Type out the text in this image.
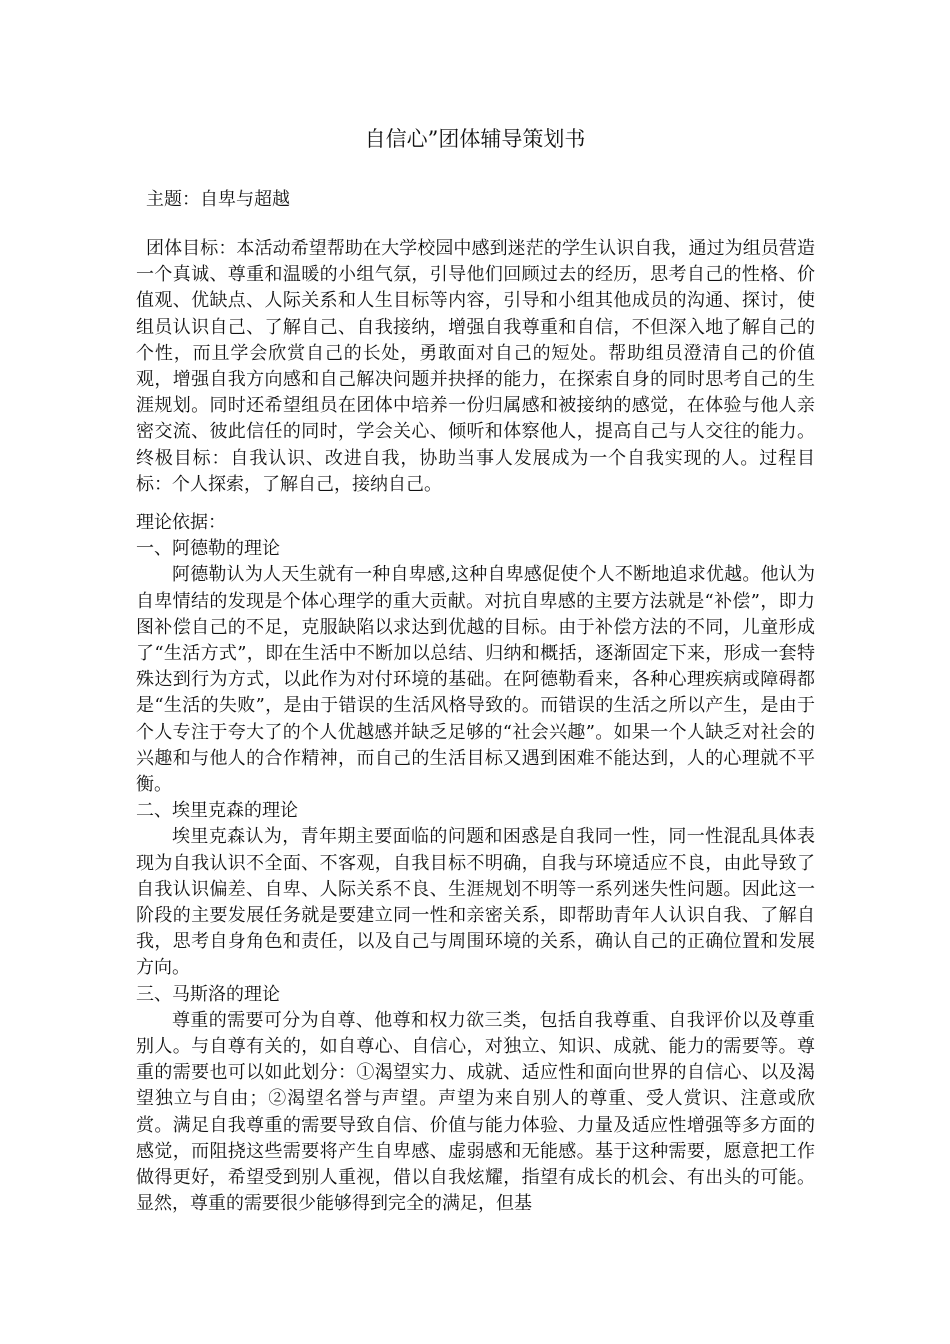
自信心”团体辅导策划书

主题：自卑与超越

团体目标：本活动希望帮助在大学校园中感到迷茫的学生认识自我，通过为组员营造一个真诚、尊重和温暖的小组气氛，引导他们回顾过去的经历，思考自己的性格、价值观、优缺点、人际关系和人生目标等内容，引导和小组其他成员的沟通、探讨，使组员认识自己、了解自己、自我接纳，增强自我尊重和自信，不但深入地了解自己的个性，而且学会欣赏自己的长处，勇敢面对自己的短处。帮助组员澄清自己的价值观，增强自我方向感和自己解决问题并抉择的能力，在探索自身的同时思考自己的生涯规划。同时还希望组员在团体中培养一份归属感和被接纳的感觉，在体验与他人亲密交流、彼此信任的同时，学会关心、倾听和体察他人，提高自己与人交往的能力。终极目标：自我认识、改进自我，协助当事人发展成为一个自我实现的人。过程目标：个人探索，了解自己，接纳自己。

理论依据：

一、阿德勒的理论

阿德勒认为人天生就有一种自卑感,这种自卑感促使个人不断地追求优越。他认为自卑情结的发现是个体心理学的重大贡献。对抗自卑感的主要方法就是“补偿”，即力图补偿自己的不足，克服缺陷以求达到优越的目标。由于补偿方法的不同，儿童形成了“生活方式”，即在生活中不断加以总结、归纳和概括，逐渐固定下来，形成一套特殊达到行为方式，以此作为对付环境的基础。在阿德勒看来，各种心理疾病或障碍都是“生活的失败”，是由于错误的生活风格导致的。而错误的生活之所以产生，是由于个人专注于夸大了的个人优越感并缺乏足够的“社会兴趣”。如果一个人缺乏对社会的兴趣和与他人的合作精神，而自己的生活目标又遇到困难不能达到，人的心理就不平衡。

二、埃里克森的理论

埃里克森认为，青年期主要面临的问题和困惑是自我同一性，同一性混乱具体表现为自我认识不全面、不客观，自我目标不明确，自我与环境适应不良，由此导致了自我认识偏差、自卑、人际关系不良、生涯规划不明等一系列迷失性问题。因此这一阶段的主要发展任务就是要建立同一性和亲密关系，即帮助青年人认识自我、了解自我，思考自身角色和责任，以及自己与周围环境的关系，确认自己的正确位置和发展方向。

三、马斯洛的理论

尊重的需要可分为自尊、他尊和权力欲三类，包括自我尊重、自我评价以及尊重别人。与自尊有关的，如自尊心、自信心，对独立、知识、成就、能力的需要等。尊重的需要也可以如此划分：①渴望实力、成就、适应性和面向世界的自信心、以及渴望独立与自由；②渴望名誉与声望。声望为来自别人的尊重、受人赏识、注意或欣赏。满足自我尊重的需要导致自信、价值与能力体验、力量及适应性增强等多方面的感觉，而阻挠这些需要将产生自卑感、虚弱感和无能感。基于这种需要，愿意把工作做得更好，希望受到别人重视，借以自我炫耀，指望有成长的机会、有出头的可能。显然，尊重的需要很少能够得到完全的满足，但基
